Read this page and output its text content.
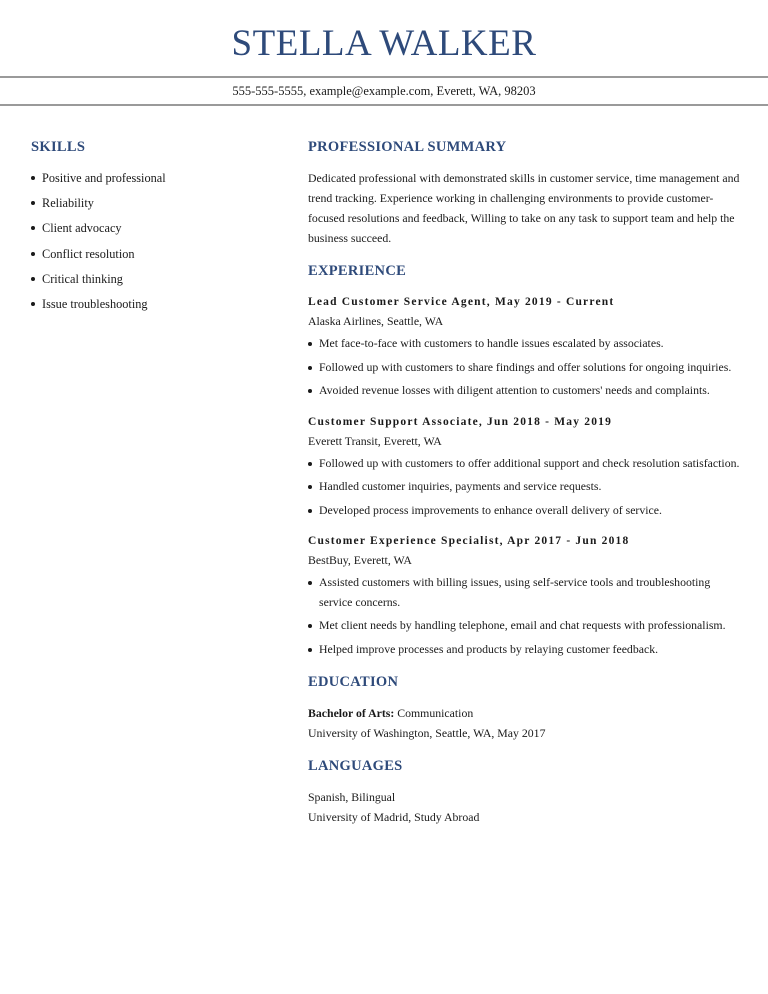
STELLA WALKER
555-555-5555, example@example.com, Everett, WA, 98203
SKILLS
Positive and professional
Reliability
Client advocacy
Conflict resolution
Critical thinking
Issue troubleshooting
PROFESSIONAL SUMMARY

Dedicated professional with demonstrated skills in customer service, time management and trend tracking. Experience working in challenging environments to provide customer-focused resolutions and feedback, Willing to take on any task to support team and help the business succeed.

EXPERIENCE
Lead Customer Service Agent, May 2019 - Current
Alaska Airlines, Seattle, WA
Met face-to-face with customers to handle issues escalated by associates.
Followed up with customers to share findings and offer solutions for ongoing inquiries.
Avoided revenue losses with diligent attention to customers' needs and complaints.
Customer Support Associate, Jun 2018 - May 2019
Everett Transit, Everett, WA
Followed up with customers to offer additional support and check resolution satisfaction.
Handled customer inquiries, payments and service requests.
Developed process improvements to enhance overall delivery of service.
Customer Experience Specialist, Apr 2017 - Jun 2018
BestBuy, Everett, WA
Assisted customers with billing issues, using self-service tools and troubleshooting service concerns.
Met client needs by handling telephone, email and chat requests with professionalism.
Helped improve processes and products by relaying customer feedback.
EDUCATION
Bachelor of Arts: Communication
University of Washington, Seattle, WA, May 2017
LANGUAGES
Spanish, Bilingual
University of Madrid, Study Abroad
